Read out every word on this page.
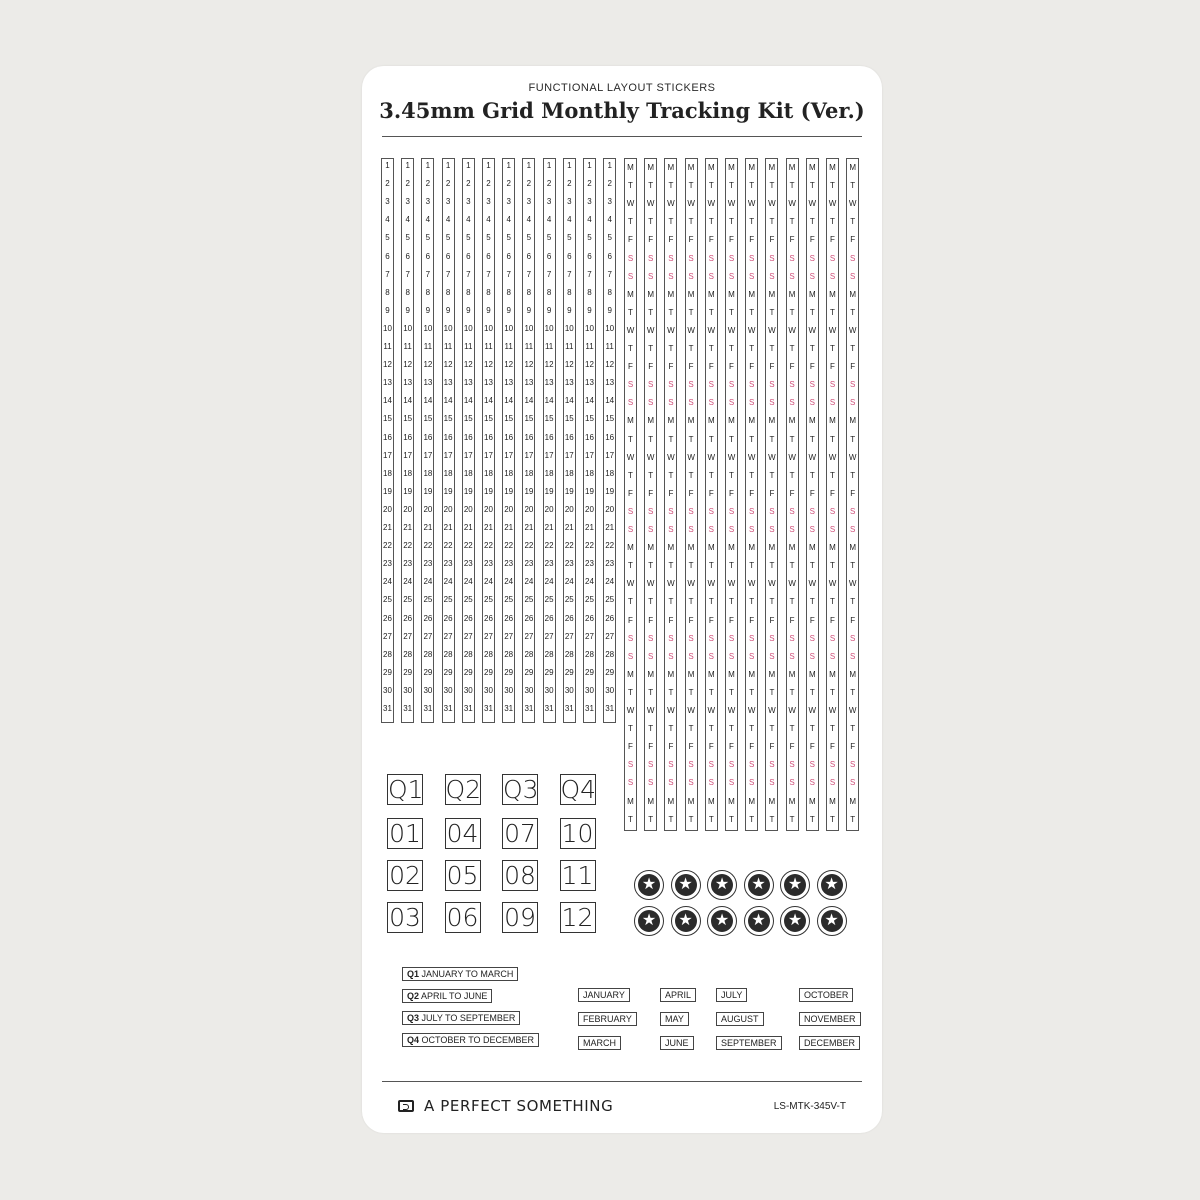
FUNCTIONAL LAYOUT STICKERS
3.45mm Grid Monthly Tracking Kit (Ver.)
1
2
3
4
5
6
7
8
9
10
11
12
13
14
15
16
17
18
19
20
21
22
23
24
25
26
27
28
29
30
31
1
2
3
4
5
6
7
8
9
10
11
12
13
14
15
16
17
18
19
20
21
22
23
24
25
26
27
28
29
30
31
1
2
3
4
5
6
7
8
9
10
11
12
13
14
15
16
17
18
19
20
21
22
23
24
25
26
27
28
29
30
31
1
2
3
4
5
6
7
8
9
10
11
12
13
14
15
16
17
18
19
20
21
22
23
24
25
26
27
28
29
30
31
1
2
3
4
5
6
7
8
9
10
11
12
13
14
15
16
17
18
19
20
21
22
23
24
25
26
27
28
29
30
31
1
2
3
4
5
6
7
8
9
10
11
12
13
14
15
16
17
18
19
20
21
22
23
24
25
26
27
28
29
30
31
1
2
3
4
5
6
7
8
9
10
11
12
13
14
15
16
17
18
19
20
21
22
23
24
25
26
27
28
29
30
31
1
2
3
4
5
6
7
8
9
10
11
12
13
14
15
16
17
18
19
20
21
22
23
24
25
26
27
28
29
30
31
1
2
3
4
5
6
7
8
9
10
11
12
13
14
15
16
17
18
19
20
21
22
23
24
25
26
27
28
29
30
31
1
2
3
4
5
6
7
8
9
10
11
12
13
14
15
16
17
18
19
20
21
22
23
24
25
26
27
28
29
30
31
1
2
3
4
5
6
7
8
9
10
11
12
13
14
15
16
17
18
19
20
21
22
23
24
25
26
27
28
29
30
31
1
2
3
4
5
6
7
8
9
10
11
12
13
14
15
16
17
18
19
20
21
22
23
24
25
26
27
28
29
30
31
M
T
W
T
F
S
S
M
T
W
T
F
S
S
M
T
W
T
F
S
S
M
T
W
T
F
S
S
M
T
W
T
F
S
S
M
T
M
T
W
T
F
S
S
M
T
W
T
F
S
S
M
T
W
T
F
S
S
M
T
W
T
F
S
S
M
T
W
T
F
S
S
M
T
M
T
W
T
F
S
S
M
T
W
T
F
S
S
M
T
W
T
F
S
S
M
T
W
T
F
S
S
M
T
W
T
F
S
S
M
T
M
T
W
T
F
S
S
M
T
W
T
F
S
S
M
T
W
T
F
S
S
M
T
W
T
F
S
S
M
T
W
T
F
S
S
M
T
M
T
W
T
F
S
S
M
T
W
T
F
S
S
M
T
W
T
F
S
S
M
T
W
T
F
S
S
M
T
W
T
F
S
S
M
T
M
T
W
T
F
S
S
M
T
W
T
F
S
S
M
T
W
T
F
S
S
M
T
W
T
F
S
S
M
T
W
T
F
S
S
M
T
M
T
W
T
F
S
S
M
T
W
T
F
S
S
M
T
W
T
F
S
S
M
T
W
T
F
S
S
M
T
W
T
F
S
S
M
T
M
T
W
T
F
S
S
M
T
W
T
F
S
S
M
T
W
T
F
S
S
M
T
W
T
F
S
S
M
T
W
T
F
S
S
M
T
M
T
W
T
F
S
S
M
T
W
T
F
S
S
M
T
W
T
F
S
S
M
T
W
T
F
S
S
M
T
W
T
F
S
S
M
T
M
T
W
T
F
S
S
M
T
W
T
F
S
S
M
T
W
T
F
S
S
M
T
W
T
F
S
S
M
T
W
T
F
S
S
M
T
M
T
W
T
F
S
S
M
T
W
T
F
S
S
M
T
W
T
F
S
S
M
T
W
T
F
S
S
M
T
W
T
F
S
S
M
T
M
T
W
T
F
S
S
M
T
W
T
F
S
S
M
T
W
T
F
S
S
M
T
W
T
F
S
S
M
T
W
T
F
S
S
M
T
Q1 Q2 Q3 Q4
01 04 07 10
02 05 08 11
03 06 09 12
★ ★ ★ ★ ★ ★
★ ★ ★ ★ ★ ★
Q1 JANUARY TO MARCH
Q2 APRIL TO JUNE
Q3 JULY TO SEPTEMBER
Q4 OCTOBER TO DECEMBER
JANUARY	APRIL	JULY	OCTOBER
FEBRUARY	MAY	AUGUST	NOVEMBER
MARCH	JUNE	SEPTEMBER	DECEMBER
A PERFECT SOMETHING	LS-MTK-345V-T
